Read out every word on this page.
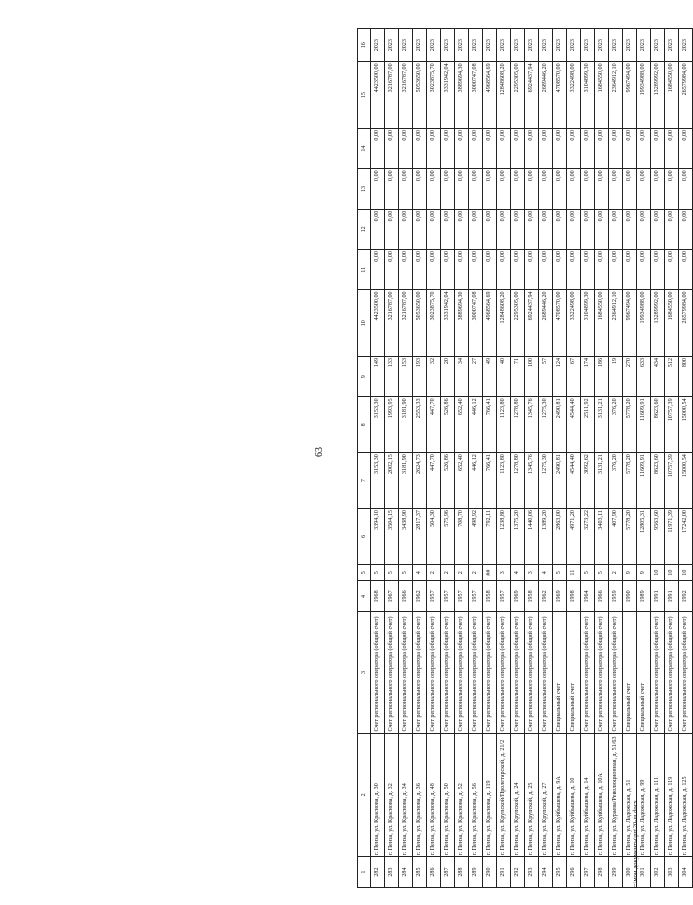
63
1	2	3	4	5	6	7	8	9	10	11	12	13	14	15	16
282	г. Пенза, ул. Краснова, д. 30	Счет регионального оператора (общий счет)	1968	5	3394,10	3153,30	3153,30	149	4423500,00	0,00	0,00	0,00	0,00	4423500,00	2023
283	г. Пенза, ул. Краснова, д. 32	Счет регионального оператора (общий счет)	1967	5	3504,15	2002,15	1993,95	133	3216787,00	0,00	0,00	0,00	0,00	3216787,00	2023
284	г. Пенза, ул. Краснова, д. 34	Счет регионального оператора (общий счет)	1966	5	3438,90	3181,90	3181,90	153	3216787,00	0,00	0,00	0,00	0,00	3216787,00	2023
285	г. Пенза, ул. Краснова, д. 36	Счет регионального оператора (общий счет)	1962	4	2817,37	2624,73	2553,33	193	5053650,00	0,00	0,00	0,00	0,00	5053650,00	2023
286	г. Пенза, ул. Краснова, д. 48	Счет регионального оператора (общий счет)	1957	2	504,30	447,70	447,70	32	3023875,70	0,00	0,00	0,00	0,00	3023875,70	2023
287	г. Пенза, ул. Краснова, д. 50	Счет регионального оператора (общий счет)	1957	2	575,96	526,86	526,86	20	3331942,04	0,00	0,00	0,00	0,00	3331942,04	2023
288	г. Пенза, ул. Краснова, д. 52	Счет регионального оператора (общий счет)	1957	2	708,70	652,40	652,40	34	3889694,30	0,00	0,00	0,00	0,00	3889694,30	2023
289	г. Пенза, ул. Краснова, д. 56	Счет регионального оператора (общий счет)	1957	2	498,92	446,12	446,12	27	3000747,08	0,00	0,00	0,00	0,00	3000747,08	2023
290	г. Пенза, ул. Краснова, д. 119	Счет регионального оператора (общий счет)	1958	##	792,11	766,41	766,41	49	4968564,69	0,00	0,00	0,00	0,00	4968564,69	2023
291	г. Пенза, ул. Крупской/Пролетарской, д. 21/2	Счет регионального оператора (общий счет)	1957	3	1238,80	1123,80	1123,80	40	12848608,20	0,00	0,00	0,00	0,00	12848608,20	2023
292	г. Пенза, ул. Крупской, д. 24	Счет регионального оператора (общий счет)	1969	4	1375,20	1278,80	1278,80	71	2295305,00	0,00	0,00	0,00	0,00	2295305,00	2023
293	г. Пенза, ул. Крупской, д. 25	Счет регионального оператора (общий счет)	1958	3	1440,06	1345,76	1345,76	100	6924437,94	0,00	0,00	0,00	0,00	6924437,94	2023
294	г. Пенза, ул. Крупской, д. 27	Счет регионального оператора (общий счет)	1962	4	1389,20	1275,30	1275,30	57	2689446,20	0,00	0,00	0,00	0,00	2689446,20	2023
295	г. Пенза, ул. Куйбышева, д. 9А	Специальный счет	1969	5	2863,00	2490,81	2490,81	124	4708570,00	0,00	0,00	0,00	0,00	4708570,00	2023
296	г. Пенза, ул. Куйбышева, д. 10	Специальный счет	1998	11	4971,20	4544,40	4544,40	67	3322498,00	0,00	0,00	0,00	0,00	3322498,00	2023
297	г. Пенза, ул. Куйбышева, д. 14	Счет регионального оператора (общий счет)	1964	5	3273,22	3092,62	2511,92	174	3104899,30	0,00	0,00	0,00	0,00	3104899,30	2023
298	г. Пенза, ул. Куйбышева, д. 10А	Счет регионального оператора (общий счет)	1966	5	3403,11	3131,21	3131,21	186	1684550,00	0,00	0,00	0,00	0,00	1684550,00	2023
299	г. Пенза, ул. Кураева/Революционная, д. 51/63	Счет регионального оператора (общий счет)	1959	2	407,90	376,20	376,20	19	2364912,10	0,00	0,00	0,00	0,00	2364912,10	2023
300	г. Пенза, ул. Ладожская, д. 51	Специальный счет	1990	9	5778,20	5778,20	5778,20	270	9967494,00	0,00	0,00	0,00	0,00	9967494,00	2023
301	г. Пенза, ул. Ладожская, д. 99	Специальный счет	1989	9	12805,31	11609,91	11609,91	633	19934988,00	0,00	0,00	0,00	0,00	19934988,00	2023
302	г. Пенза, ул. Ладожская, д. 111	Счет регионального оператора (общий счет)	1991	10	9563,60	8623,60	8623,60	434	13289992,00	0,00	0,00	0,00	0,00	13289992,00	2023
303	г. Пенза, ул. Ладожская, д. 119	Счет регионального оператора (общий счет)	1991	10	11971,39	10757,39	10757,39	512	1684550,00	0,00	0,00	0,00	0,00	1684550,00	2023
304	г. Пенза, ул. Ладожская, д. 125	Счет регионального оператора (общий счет)	1992	10	17242,00	15000,54	15000,54	800	26579984,00	0,00	0,00	0,00	0,00	26579984,00	2023
c:\мои документы\рп\20-ш.docx
